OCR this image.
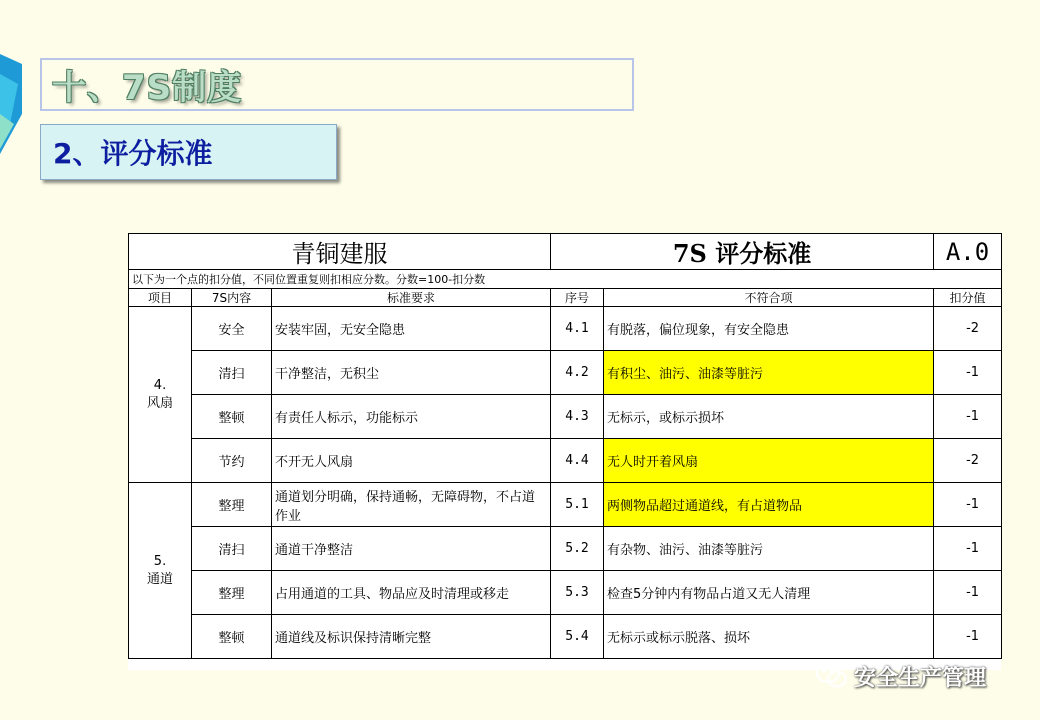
十、7S制度
2、评分标准
青铜建服			7S 评分标准		A.0
以下为一个点的扣分值，不同位置重复则扣相应分数。分数=100-扣分数					
项目	7S内容	标准要求	序号	不符合项	扣分值

4.
风扇	安全	安装牢固，无安全隐患	4.1	有脱落，偏位现象，有安全隐患	-2
	清扫	干净整洁，无积尘	4.2	有积尘、油污、油漆等脏污	-1
	整顿	有责任人标示，功能标示	4.3	无标示，或标示损坏	-1
	节约	不开无人风扇	4.4	无人时开着风扇	-2

5.
通道	整理	通道划分明确，保持通畅，无障碍物，不占道作业	5.1	两侧物品超过通道线，有占道物品	-1
	清扫	通道干净整洁	5.2	有杂物、油污、油漆等脏污	-1
	整理	占用通道的工具、物品应及时清理或移走	5.3	检查5分钟内有物品占道又无人清理	-1
	整顿	通道线及标识保持清晰完整	5.4	无标示或标示脱落、损坏	-1
安全生产管理
